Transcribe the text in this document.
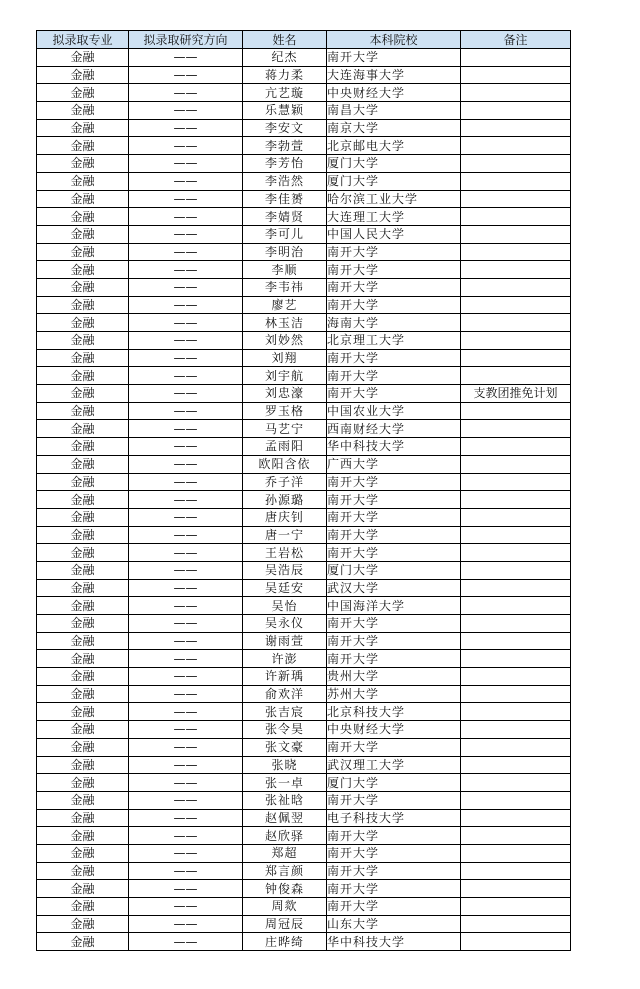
拟录取专业	拟录取研究方向	姓名	本科院校	备注
金融	——	纪杰	南开大学	
金融	——	蒋力柔	大连海事大学	
金融	——	亢艺璇	中央财经大学	
金融	——	乐慧颖	南昌大学	
金融	——	李安文	南京大学	
金融	——	李勃萱	北京邮电大学	
金融	——	李芳怡	厦门大学	
金融	——	李浩然	厦门大学	
金融	——	李佳赟	哈尔滨工业大学	
金融	——	李婧贤	大连理工大学	
金融	——	李可儿	中国人民大学	
金融	——	李明治	南开大学	
金融	——	李顺	南开大学	
金融	——	李韦祎	南开大学	
金融	——	廖艺	南开大学	
金融	——	林玉洁	海南大学	
金融	——	刘妙然	北京理工大学	
金融	——	刘翔	南开大学	
金融	——	刘宇航	南开大学	
金融	——	刘忠濠	南开大学	支教团推免计划
金融	——	罗玉格	中国农业大学	
金融	——	马艺宁	西南财经大学	
金融	——	孟雨阳	华中科技大学	
金融	——	欧阳含依	广西大学	
金融	——	乔子洋	南开大学	
金融	——	孙源璐	南开大学	
金融	——	唐庆钊	南开大学	
金融	——	唐一宁	南开大学	
金融	——	王岩松	南开大学	
金融	——	吴浩辰	厦门大学	
金融	——	吴廷安	武汉大学	
金融	——	吴怡	中国海洋大学	
金融	——	吴永仪	南开大学	
金融	——	谢雨萱	南开大学	
金融	——	许澎	南开大学	
金融	——	许新瑀	贵州大学	
金融	——	俞欢洋	苏州大学	
金融	——	张吉宸	北京科技大学	
金融	——	张令昊	中央财经大学	
金融	——	张文豪	南开大学	
金融	——	张晓	武汉理工大学	
金融	——	张一卓	厦门大学	
金融	——	张祉晗	南开大学	
金融	——	赵佩翌	电子科技大学	
金融	——	赵欣驿	南开大学	
金融	——	郑超	南开大学	
金融	——	郑言颜	南开大学	
金融	——	钟俊森	南开大学	
金融	——	周欻	南开大学	
金融	——	周冠辰	山东大学	
金融	——	庄晔绮	华中科技大学	
